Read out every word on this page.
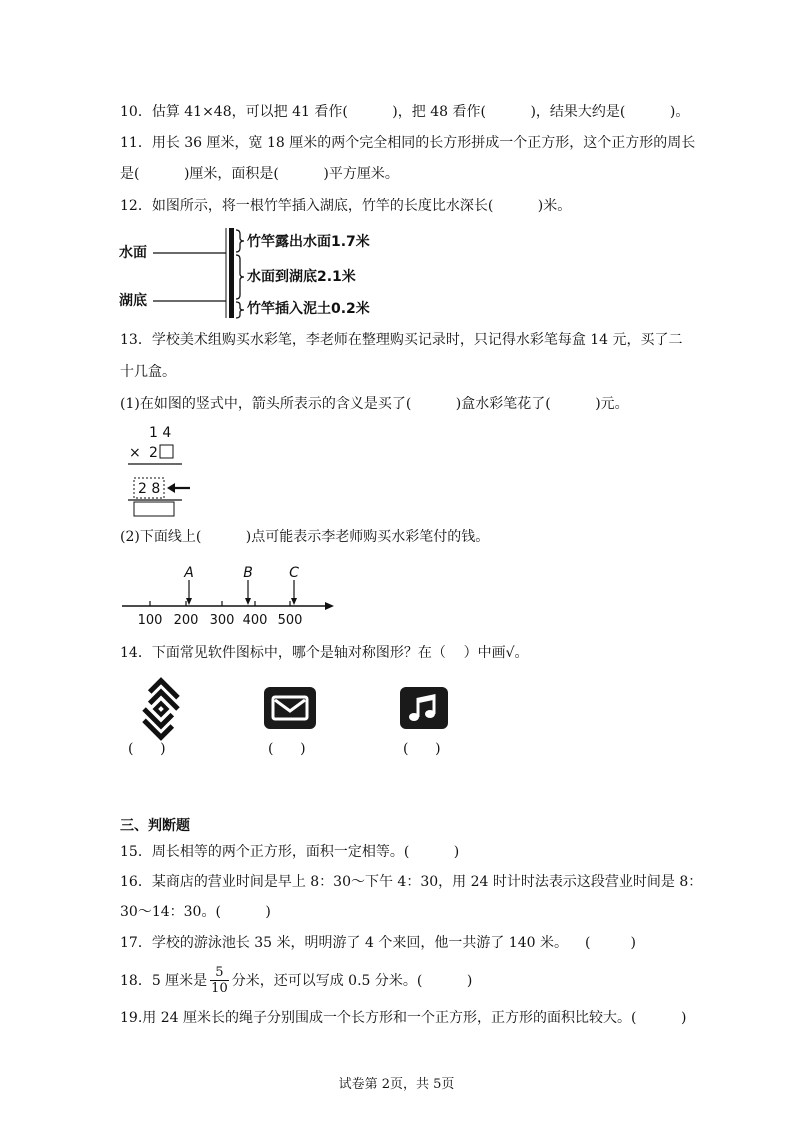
10．估算 41×48，可以把 41 看作(          )，把 48 看作(          )，结果大约是(          )。
11．用长 36 厘米，宽 18 厘米的两个完全相同的长方形拼成一个正方形，这个正方形的周长
是(          )厘米，面积是(          )平方厘米。
12．如图所示，将一根竹竿插入湖底，竹竿的长度比水深长(          )米。
水面
湖底
竹竿露出水面1.7米
水面到湖底2.1米
竹竿插入泥土0.2米
13．学校美术组购买水彩笔，李老师在整理购买记录时，只记得水彩笔每盒 14 元，买了二
十几盒。
(1)在如图的竖式中，箭头所表示的含义是买了(          )盒水彩笔花了(          )元。
1 4
× 2
2 8
(2)下面线上(          )点可能表示李老师购买水彩笔付的钱。
100 200 300 400 500
A	B	C
14．下面常见软件图标中，哪个是轴对称图形？在（    ）中画√。
(      )	(      )	(      )
三、判断题
15．周长相等的两个正方形，面积一定相等。(          )
16．某商店的营业时间是早上 8：30～下午 4：30，用 24 时计时法表示这段营业时间是 8：
30～14：30。(          )
17．学校的游泳池长 35 米，明明游了 4 个来回，他一共游了 140 米。 (         )
18．5 厘米是 $\frac{5}{10}$ 分米，还可以写成 0.5 分米。(          )
19.用 24 厘米长的绳子分别围成一个长方形和一个正方形，正方形的面积比较大。(          )
试卷第 2页，共 5页
